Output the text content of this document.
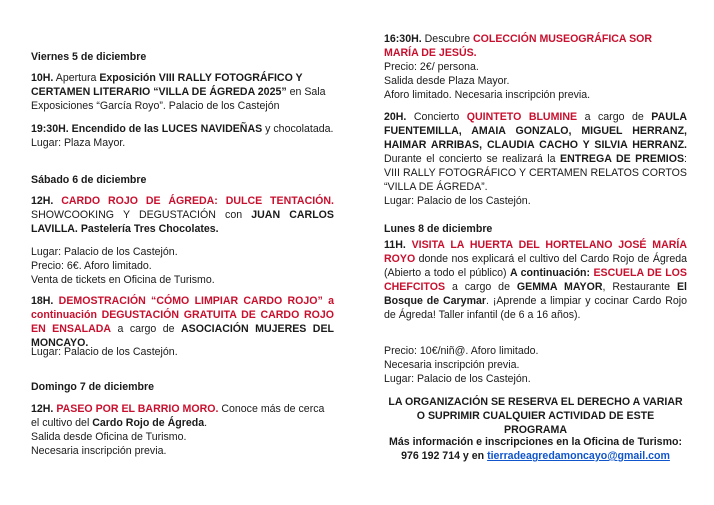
Viernes 5 de diciembre

10H. Apertura Exposición VIII RALLY FOTOGRÁFICO Y CERTAMEN LITERARIO “VILLA DE ÁGREDA 2025” en Sala Exposiciones “García Royo”. Palacio de los Castejón

19:30H. Encendido de las LUCES NAVIDEÑAS y chocolatada.
Lugar: Plaza Mayor.

Sábado 6 de diciembre

12H. CARDO ROJO DE ÁGREDA: DULCE TENTACIÓN. SHOWCOOKING Y DEGUSTACIÓN con JUAN CARLOS LAVILLA. Pastelería Tres Chocolates.

Lugar: Palacio de los Castejón.
Precio: 6€. Aforo limitado.
Venta de tickets en Oficina de Turismo.

18H. DEMOSTRACIÓN “CÓMO LIMPIAR CARDO ROJO” a continuación DEGUSTACIÓN GRATUITA DE CARDO ROJO EN ENSALADA a cargo de ASOCIACIÓN MUJERES DEL MONCAYO.

Lugar: Palacio de los Castejón.

Domingo 7 de diciembre

12H. PASEO POR EL BARRIO MORO. Conoce más de cerca el cultivo del Cardo Rojo de Ágreda.
Salida desde Oficina de Turismo.
Necesaria inscripción previa.

16:30H. Descubre COLECCIÓN MUSEOGRÁFICA SOR MARÍA DE JESÚS.
Precio: 2€/ persona.
Salida desde Plaza Mayor.
Aforo limitado. Necesaria inscripción previa.

20H. Concierto QUINTETO BLUMINE a cargo de PAULA FUENTEMILLA, AMAIA GONZALO, MIGUEL HERRANZ, HAIMAR ARRIBAS, CLAUDIA CACHO Y SILVIA HERRANZ. Durante el concierto se realizará la ENTREGA DE PREMIOS: VIII RALLY FOTOGRÁFICO Y CERTAMEN RELATOS CORTOS “VILLA DE ÁGREDA”.
Lugar: Palacio de los Castejón.

Lunes 8 de diciembre

11H. VISITA LA HUERTA DEL HORTELANO JOSÉ MARÍA ROYO donde nos explicará el cultivo del Cardo Rojo de Ágreda (Abierto a todo el público) A continuación: ESCUELA DE LOS CHEFCITOS a cargo de GEMMA MAYOR, Restaurante El Bosque de Carymar. ¡Aprende a limpiar y cocinar Cardo Rojo de Ágreda! Taller infantil (de 6 a 16 años).

Precio: 10€/niñ@. Aforo limitado.
Necesaria inscripción previa.
Lugar: Palacio de los Castejón.

LA ORGANIZACIÓN SE RESERVA EL DERECHO A VARIAR O SUPRIMIR CUALQUIER ACTIVIDAD DE ESTE PROGRAMA

Más información e inscripciones en la Oficina de Turismo: 976 192 714 y en tierradeagredamoncayo@gmail.com
